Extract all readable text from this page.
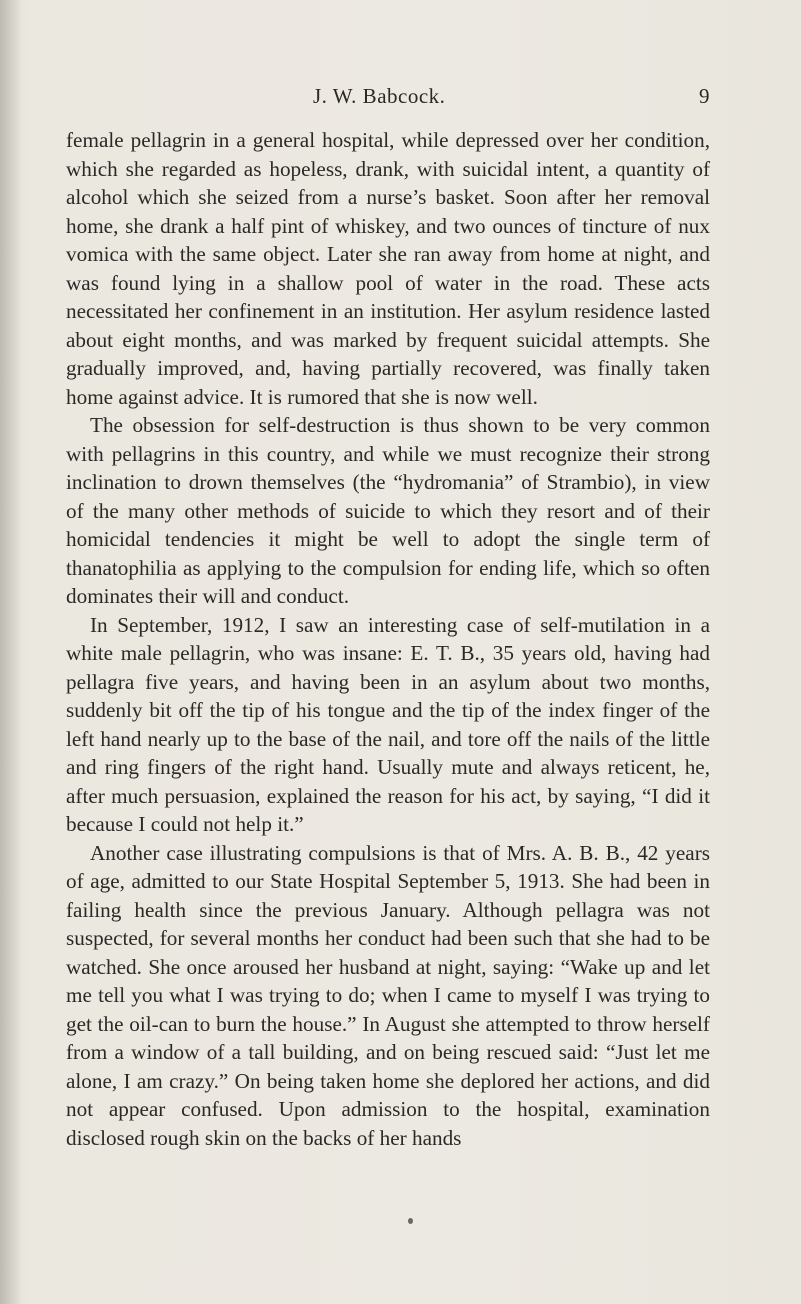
J. W. Babcock.	9

female pellagrin in a general hospital, while depressed over her condition, which she regarded as hopeless, drank, with suicidal intent, a quantity of alcohol which she seized from a nurse’s basket. Soon after her removal home, she drank a half pint of whiskey, and two ounces of tincture of nux vomica with the same object. Later she ran away from home at night, and was found lying in a shallow pool of water in the road. These acts necessitated her confinement in an institution. Her asylum residence lasted about eight months, and was marked by frequent suicidal attempts. She gradually improved, and, having partially recovered, was finally taken home against advice. It is rumored that she is now well.

The obsession for self-destruction is thus shown to be very common with pellagrins in this country, and while we must recognize their strong inclination to drown themselves (the “hydromania” of Strambio), in view of the many other methods of suicide to which they resort and of their homicidal tendencies it might be well to adopt the single term of thanatophilia as applying to the compulsion for ending life, which so often dominates their will and conduct.

In September, 1912, I saw an interesting case of self-mutilation in a white male pellagrin, who was insane: E. T. B., 35 years old, having had pellagra five years, and having been in an asylum about two months, suddenly bit off the tip of his tongue and the tip of the index finger of the left hand nearly up to the base of the nail, and tore off the nails of the little and ring fingers of the right hand. Usually mute and always reticent, he, after much persuasion, explained the reason for his act, by saying, “I did it because I could not help it.”

Another case illustrating compulsions is that of Mrs. A. B. B., 42 years of age, admitted to our State Hospital September 5, 1913. She had been in failing health since the previous January. Although pellagra was not suspected, for several months her conduct had been such that she had to be watched. She once aroused her husband at night, saying: “Wake up and let me tell you what I was trying to do; when I came to myself I was trying to get the oil-can to burn the house.” In August she attempted to throw herself from a window of a tall building, and on being rescued said: “Just let me alone, I am crazy.” On being taken home she deplored her actions, and did not appear confused. Upon admission to the hospital, examination disclosed rough skin on the backs of her hands
